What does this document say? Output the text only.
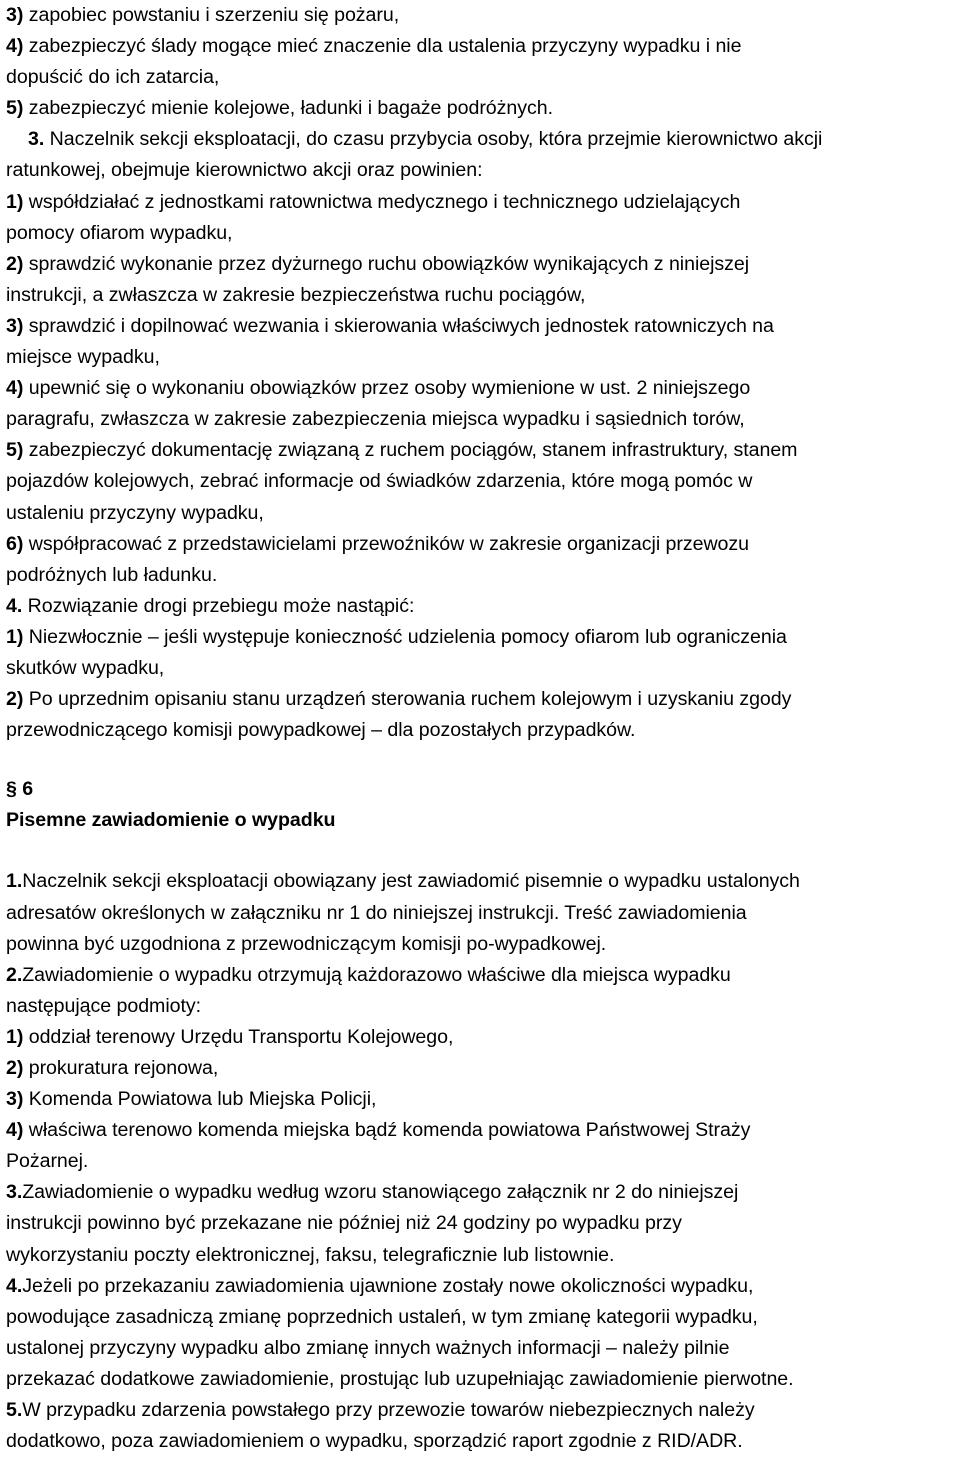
3) zapobiec powstaniu i szerzeniu się pożaru,
4) zabezpieczyć ślady mogące mieć znaczenie dla ustalenia przyczyny wypadku i nie
dopuścić do ich zatarcia,
5) zabezpieczyć mienie kolejowe, ładunki i bagaże podróżnych.
3. Naczelnik sekcji eksploatacji, do czasu przybycia osoby, która przejmie kierownictwo akcji
ratunkowej, obejmuje kierownictwo akcji oraz powinien:
1) współdziałać z jednostkami ratownictwa medycznego i technicznego udzielających
pomocy ofiarom wypadku,
2) sprawdzić wykonanie przez dyżurnego ruchu obowiązków wynikających z niniejszej
instrukcji, a zwłaszcza w zakresie bezpieczeństwa ruchu pociągów,
3) sprawdzić i dopilnować wezwania i skierowania właściwych jednostek ratowniczych na
miejsce wypadku,
4) upewnić się o wykonaniu obowiązków przez osoby wymienione w ust. 2 niniejszego
paragrafu, zwłaszcza w zakresie zabezpieczenia miejsca wypadku i sąsiednich torów,
5) zabezpieczyć dokumentację związaną z ruchem pociągów, stanem infrastruktury, stanem
pojazdów kolejowych, zebrać informacje od świadków zdarzenia, które mogą pomóc w
ustaleniu przyczyny wypadku,
6) współpracować z przedstawicielami przewoźników w zakresie organizacji przewozu
podróżnych lub ładunku.
4. Rozwiązanie drogi przebiegu może nastąpić:
1) Niezwłocznie – jeśli występuje konieczność udzielenia pomocy ofiarom lub ograniczenia
skutków wypadku,
2) Po uprzednim opisaniu stanu urządzeń sterowania ruchem kolejowym i uzyskaniu zgody
przewodniczącego komisji powypadkowej – dla pozostałych przypadków.
§ 6
Pisemne zawiadomienie o wypadku
1.Naczelnik sekcji eksploatacji obowiązany jest zawiadomić pisemnie o wypadku ustalonych
adresatów określonych w załączniku nr 1 do niniejszej instrukcji. Treść zawiadomienia
powinna być uzgodniona z przewodniczącym komisji po-wypadkowej.
2.Zawiadomienie o wypadku otrzymują każdorazowo właściwe dla miejsca wypadku
następujące podmioty:
1) oddział terenowy Urzędu Transportu Kolejowego,
2) prokuratura rejonowa,
3) Komenda Powiatowa lub Miejska Policji,
4) właściwa terenowo komenda miejska bądź komenda powiatowa Państwowej Straży
Pożarnej.
3.Zawiadomienie o wypadku według wzoru stanowiącego załącznik nr 2 do niniejszej
instrukcji powinno być przekazane nie później niż 24 godziny po wypadku przy
wykorzystaniu poczty elektronicznej, faksu, telegraficznie lub listownie.
4.Jeżeli po przekazaniu zawiadomienia ujawnione zostały nowe okoliczności wypadku,
powodujące zasadniczą zmianę poprzednich ustaleń, w tym zmianę kategorii wypadku,
ustalonej przyczyny wypadku albo zmianę innych ważnych informacji – należy pilnie
przekazać dodatkowe zawiadomienie, prostując lub uzupełniając zawiadomienie pierwotne.
5.W przypadku zdarzenia powstałego przy przewozie towarów niebezpiecznych należy
dodatkowo, poza zawiadomieniem o wypadku, sporządzić raport zgodnie z RID/ADR.
